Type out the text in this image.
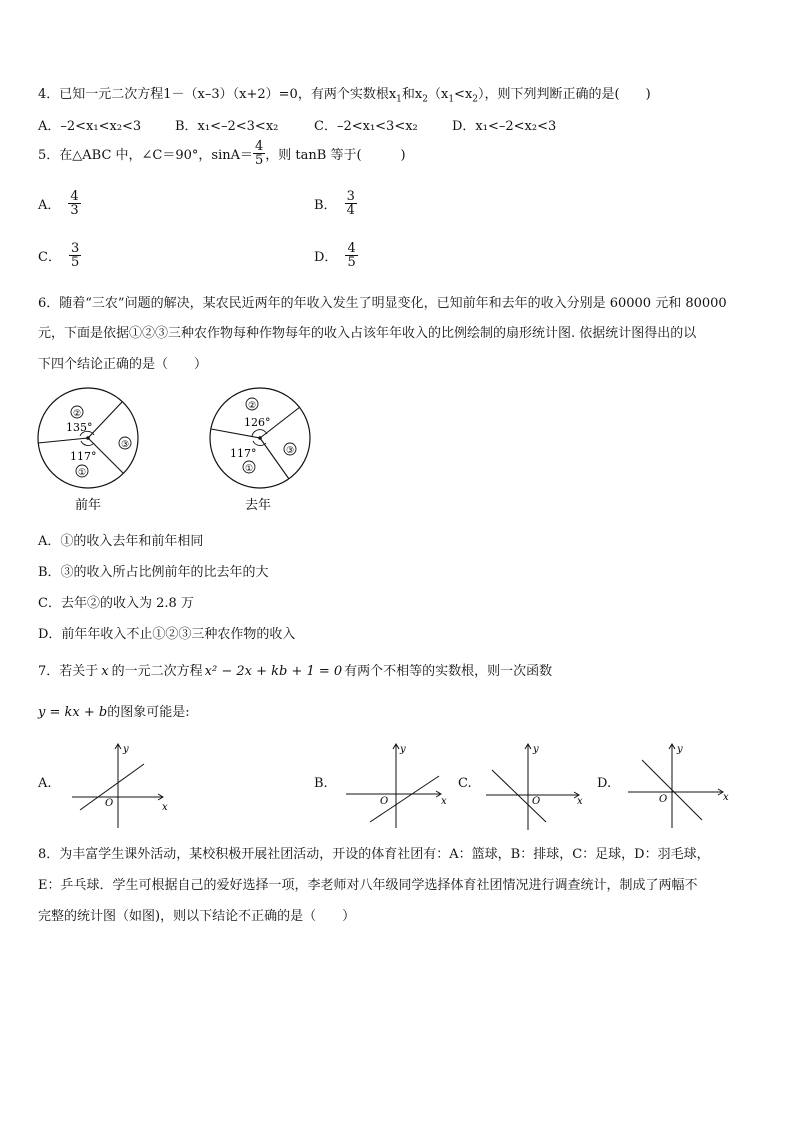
4．已知一元二次方程1－（x–3）（x+2）=0，有两个实数根$x_1$和$x_2(x_1<x_2)$，则下列判断正确的是(　　)
A．–2<x₁<x₂<3	B．x₁<–2<3<x₂	C．–2<x₁<3<x₂	D．x₁<–2<x₂<3
5． 在△ABC 中，∠C＝90°，$\sin A= \frac{4}{5}$ ，则 tanB 等于(　　　)
A． $\frac{4}{3}$	B． $\frac{3}{4}$
C． $\frac{3}{5}$	D． $\frac{4}{5}$
6．随着“三农”问题的解决，某农民近两年的年收入发生了明显变化，已知前年和去年的收入分别是 60000 元和 80000
元，下面是依据①②③三种农作物每种作物每年的收入占该年年收入的比例绘制的扇形统计图. 依据统计图得出的以
下四个结论正确的是（　　）
②
135°
117°
①
③
前年
②
126°
117°
①
③
去年
A．①的收入去年和前年相同
B．③的收入所占比例前年的比去年的大
C．去年②的收入为 2.8 万
D．前年年收入不止①②③三种农作物的收入
7．若关于 x 的一元二次方程 x² − 2x + kb + 1 = 0 有两个不相等的实数根，则一次函数
y = kx + b的图象可能是:
A.
y
x
O
B.
y
x
O
C.
y
x
O
D.
y
x
O
8．为丰富学生课外活动，某校积极开展社团活动，开设的体育社团有：A：篮球，B：排球，C：足球，D：羽毛球，
E：乒乓球．学生可根据自己的爱好选择一项，李老师对八年级同学选择体育社团情况进行调查统计，制成了两幅不
完整的统计图（如图)，则以下结论不正确的是（　　）
